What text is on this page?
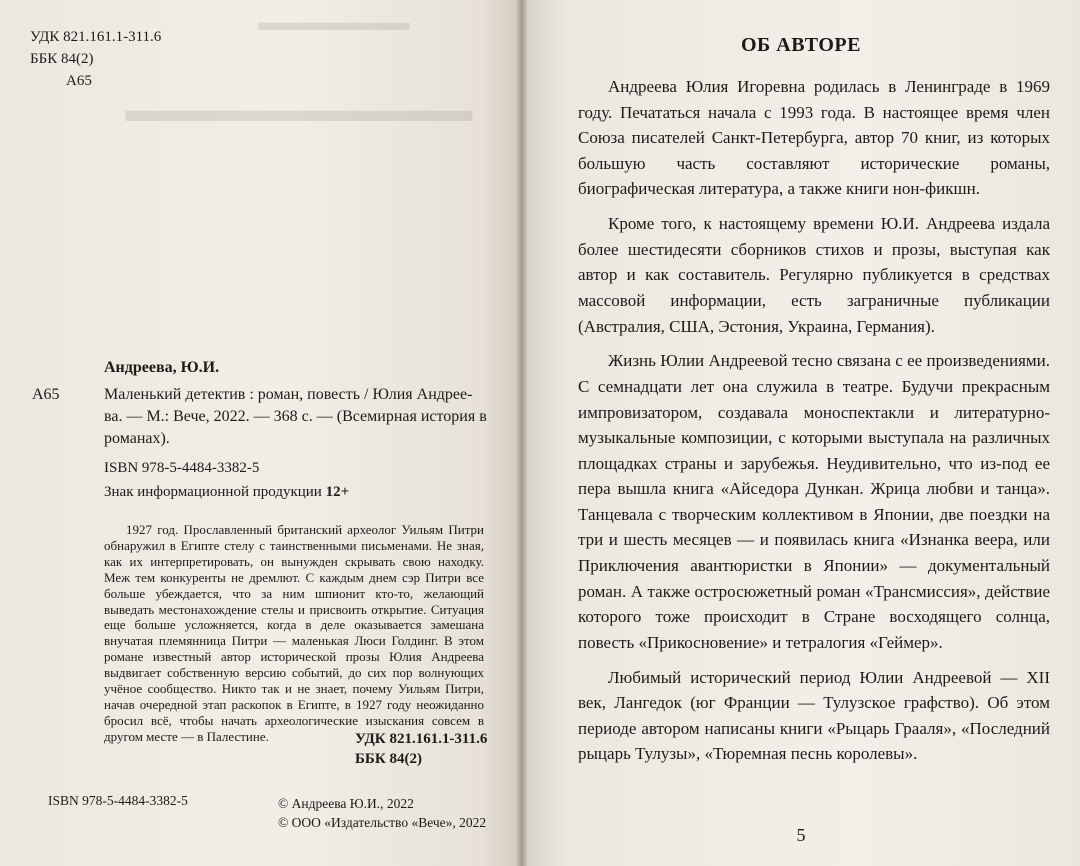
▬▬▬▬▬▬▬
▬▬▬▬▬▬▬▬▬▬▬▬
УДК 821.161.1-311.6
ББК 84(2)
А65
Андреева, Ю.И.
А65	Маленький детектив : роман, повесть / Юлия Андрее-
ва. — М.: Вече, 2022. — 368 с. — (Всемирная история в
романах).
ISBN 978-5-4484-3382-5
Знак информационной продукции 12+

1927 год. Прославленный британский археолог Уильям Питри обнаружил в Египте стелу с таинственными письменами. Не зная, как их интерпретировать, он вынужден скрывать свою находку. Меж тем конкуренты не дремлют. С каждым днем сэр Питри все больше убеждается, что за ним шпионит кто-то, желающий выведать местонахождение стелы и присвоить открытие. Ситуация еще больше усложняется, когда в деле оказывается замешана внучатая племянница Питри — маленькая Люси Голдинг. В этом романе известный автор исторической прозы Юлия Андреева выдвигает собственную версию событий, до сих пор волнующих учёное сообщество. Никто так и не знает, почему Уильям Питри, начав очередной этап раскопок в Египте, в 1927 году неожиданно бросил всё, чтобы начать археологические изыскания совсем в другом месте — в Палестине.	УДК 821.161.1-311.6
ББК 84(2)
ISBN 978-5-4484-3382-5	© Андреева Ю.И., 2022
© ООО «Издательство «Вече», 2022
ОБ АВТОРЕ

Андреева Юлия Игоревна родилась в Ленинграде в 1969 году. Печататься начала с 1993 года. В настоящее время член Союза писателей Санкт-Петербурга, автор 70 книг, из которых большую часть составляют исторические романы, биографическая литература, а также книги нон-фикшн.

Кроме того, к настоящему времени Ю.И. Андреева издала более шестидесяти сборников стихов и прозы, выступая как автор и как составитель. Регулярно публикуется в средствах массовой информации, есть заграничные публикации (Австралия, США, Эстония, Украина, Германия).

Жизнь Юлии Андреевой тесно связана с ее произведениями. С семнадцати лет она служила в театре. Будучи прекрасным импровизатором, создавала моноспектакли и литературно-музыкальные композиции, с которыми выступала на различных площадках страны и зарубежья. Неудивительно, что из-под ее пера вышла книга «Айседора Дункан. Жрица любви и танца». Танцевала с творческим коллективом в Японии, две поездки на три и шесть месяцев — и появилась книга «Изнанка веера, или Приключения авантюристки в Японии» — документальный роман. А также остросюжетный роман «Трансмиссия», действие которого тоже происходит в Стране восходящего солнца, повесть «Прикосновение» и тетралогия «Геймер».

Любимый исторический период Юлии Андреевой — XII век, Лангедок (юг Франции — Тулузское графство). Об этом периоде автором написаны книги «Рыцарь Грааля», «Последний рыцарь Тулузы», «Тюремная песнь королевы».

5
